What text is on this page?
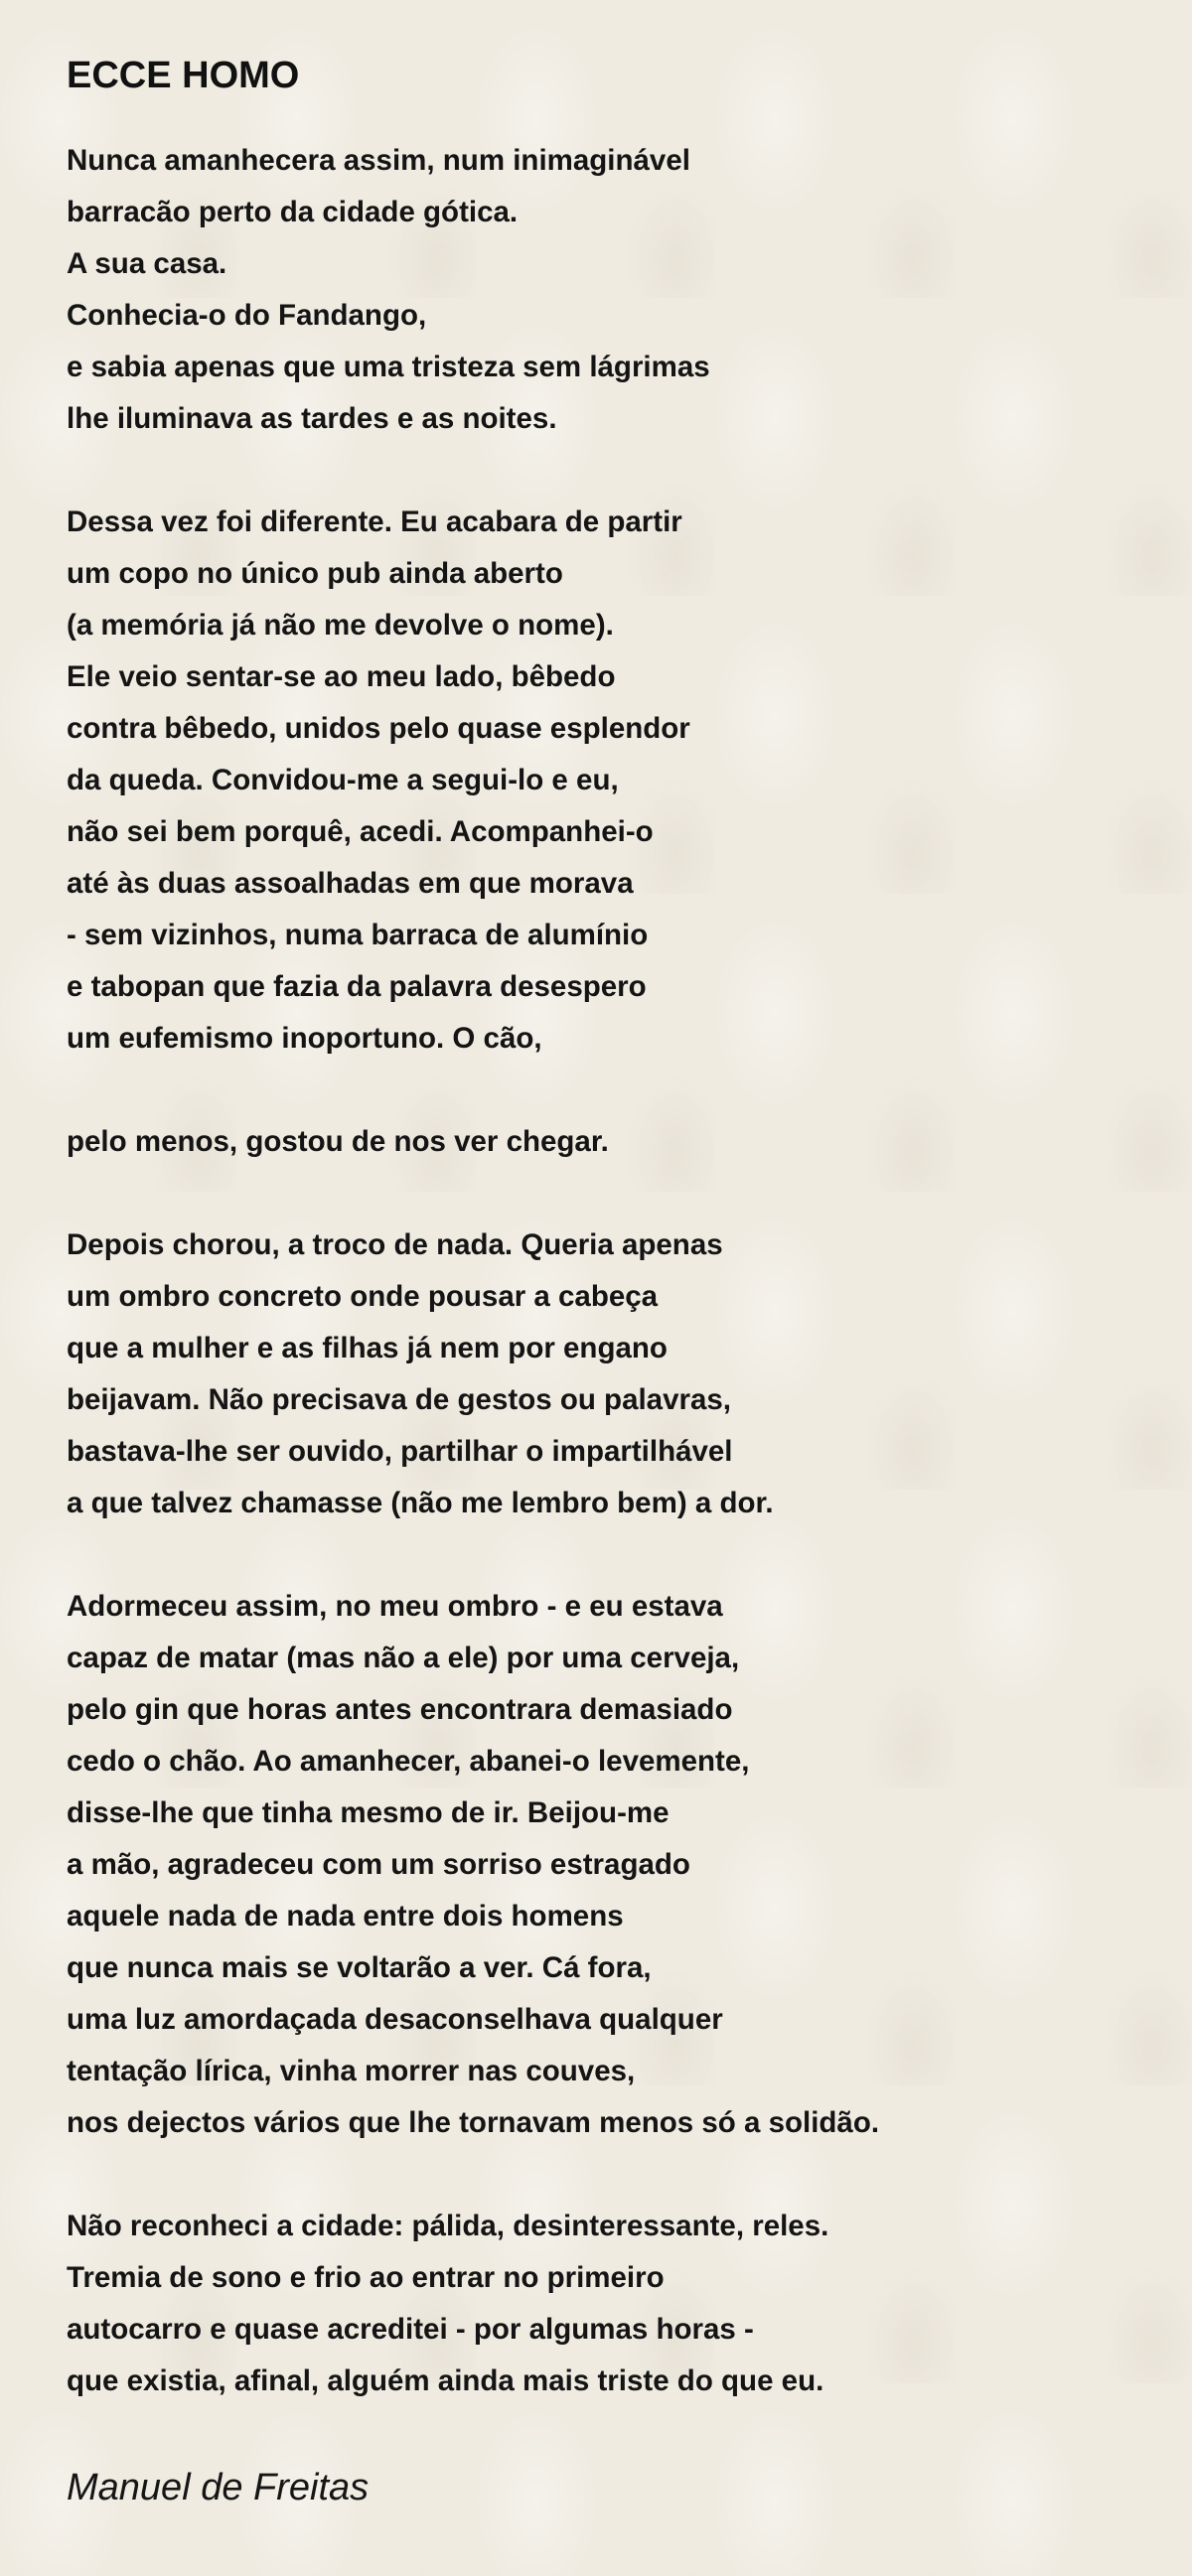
ECCE HOMO
Nunca amanhecera assim, num inimaginável
barracão perto da cidade gótica.
A sua casa.
Conhecia-o do Fandango,
e sabia apenas que uma tristeza sem lágrimas
lhe iluminava as tardes e as noites.
Dessa vez foi diferente. Eu acabara de partir
um copo no único pub ainda aberto
(a memória já não me devolve o nome).
Ele veio sentar-se ao meu lado, bêbedo
contra bêbedo, unidos pelo quase esplendor
da queda. Convidou-me a segui-lo e eu,
não sei bem porquê, acedi. Acompanhei-o
até às duas assoalhadas em que morava
- sem vizinhos, numa barraca de alumínio
e tabopan que fazia da palavra desespero
um eufemismo inoportuno. O cão,
pelo menos, gostou de nos ver chegar.
Depois chorou, a troco de nada. Queria apenas
um ombro concreto onde pousar a cabeça
que a mulher e as filhas já nem por engano
beijavam. Não precisava de gestos ou palavras,
bastava-lhe ser ouvido, partilhar o impartilhável
a que talvez chamasse (não me lembro bem) a dor.
Adormeceu assim, no meu ombro - e eu estava
capaz de matar (mas não a ele) por uma cerveja,
pelo gin que horas antes encontrara demasiado
cedo o chão. Ao amanhecer, abanei-o levemente,
disse-lhe que tinha mesmo de ir. Beijou-me
a mão, agradeceu com um sorriso estragado
aquele nada de nada entre dois homens
que nunca mais se voltarão a ver. Cá fora,
uma luz amordaçada desaconselhava qualquer
tentação lírica, vinha morrer nas couves,
nos dejectos vários que lhe tornavam menos só a solidão.
Não reconheci a cidade: pálida, desinteressante, reles.
Tremia de sono e frio ao entrar no primeiro
autocarro e quase acreditei - por algumas horas -
que existia, afinal, alguém ainda mais triste do que eu.

Manuel de Freitas
